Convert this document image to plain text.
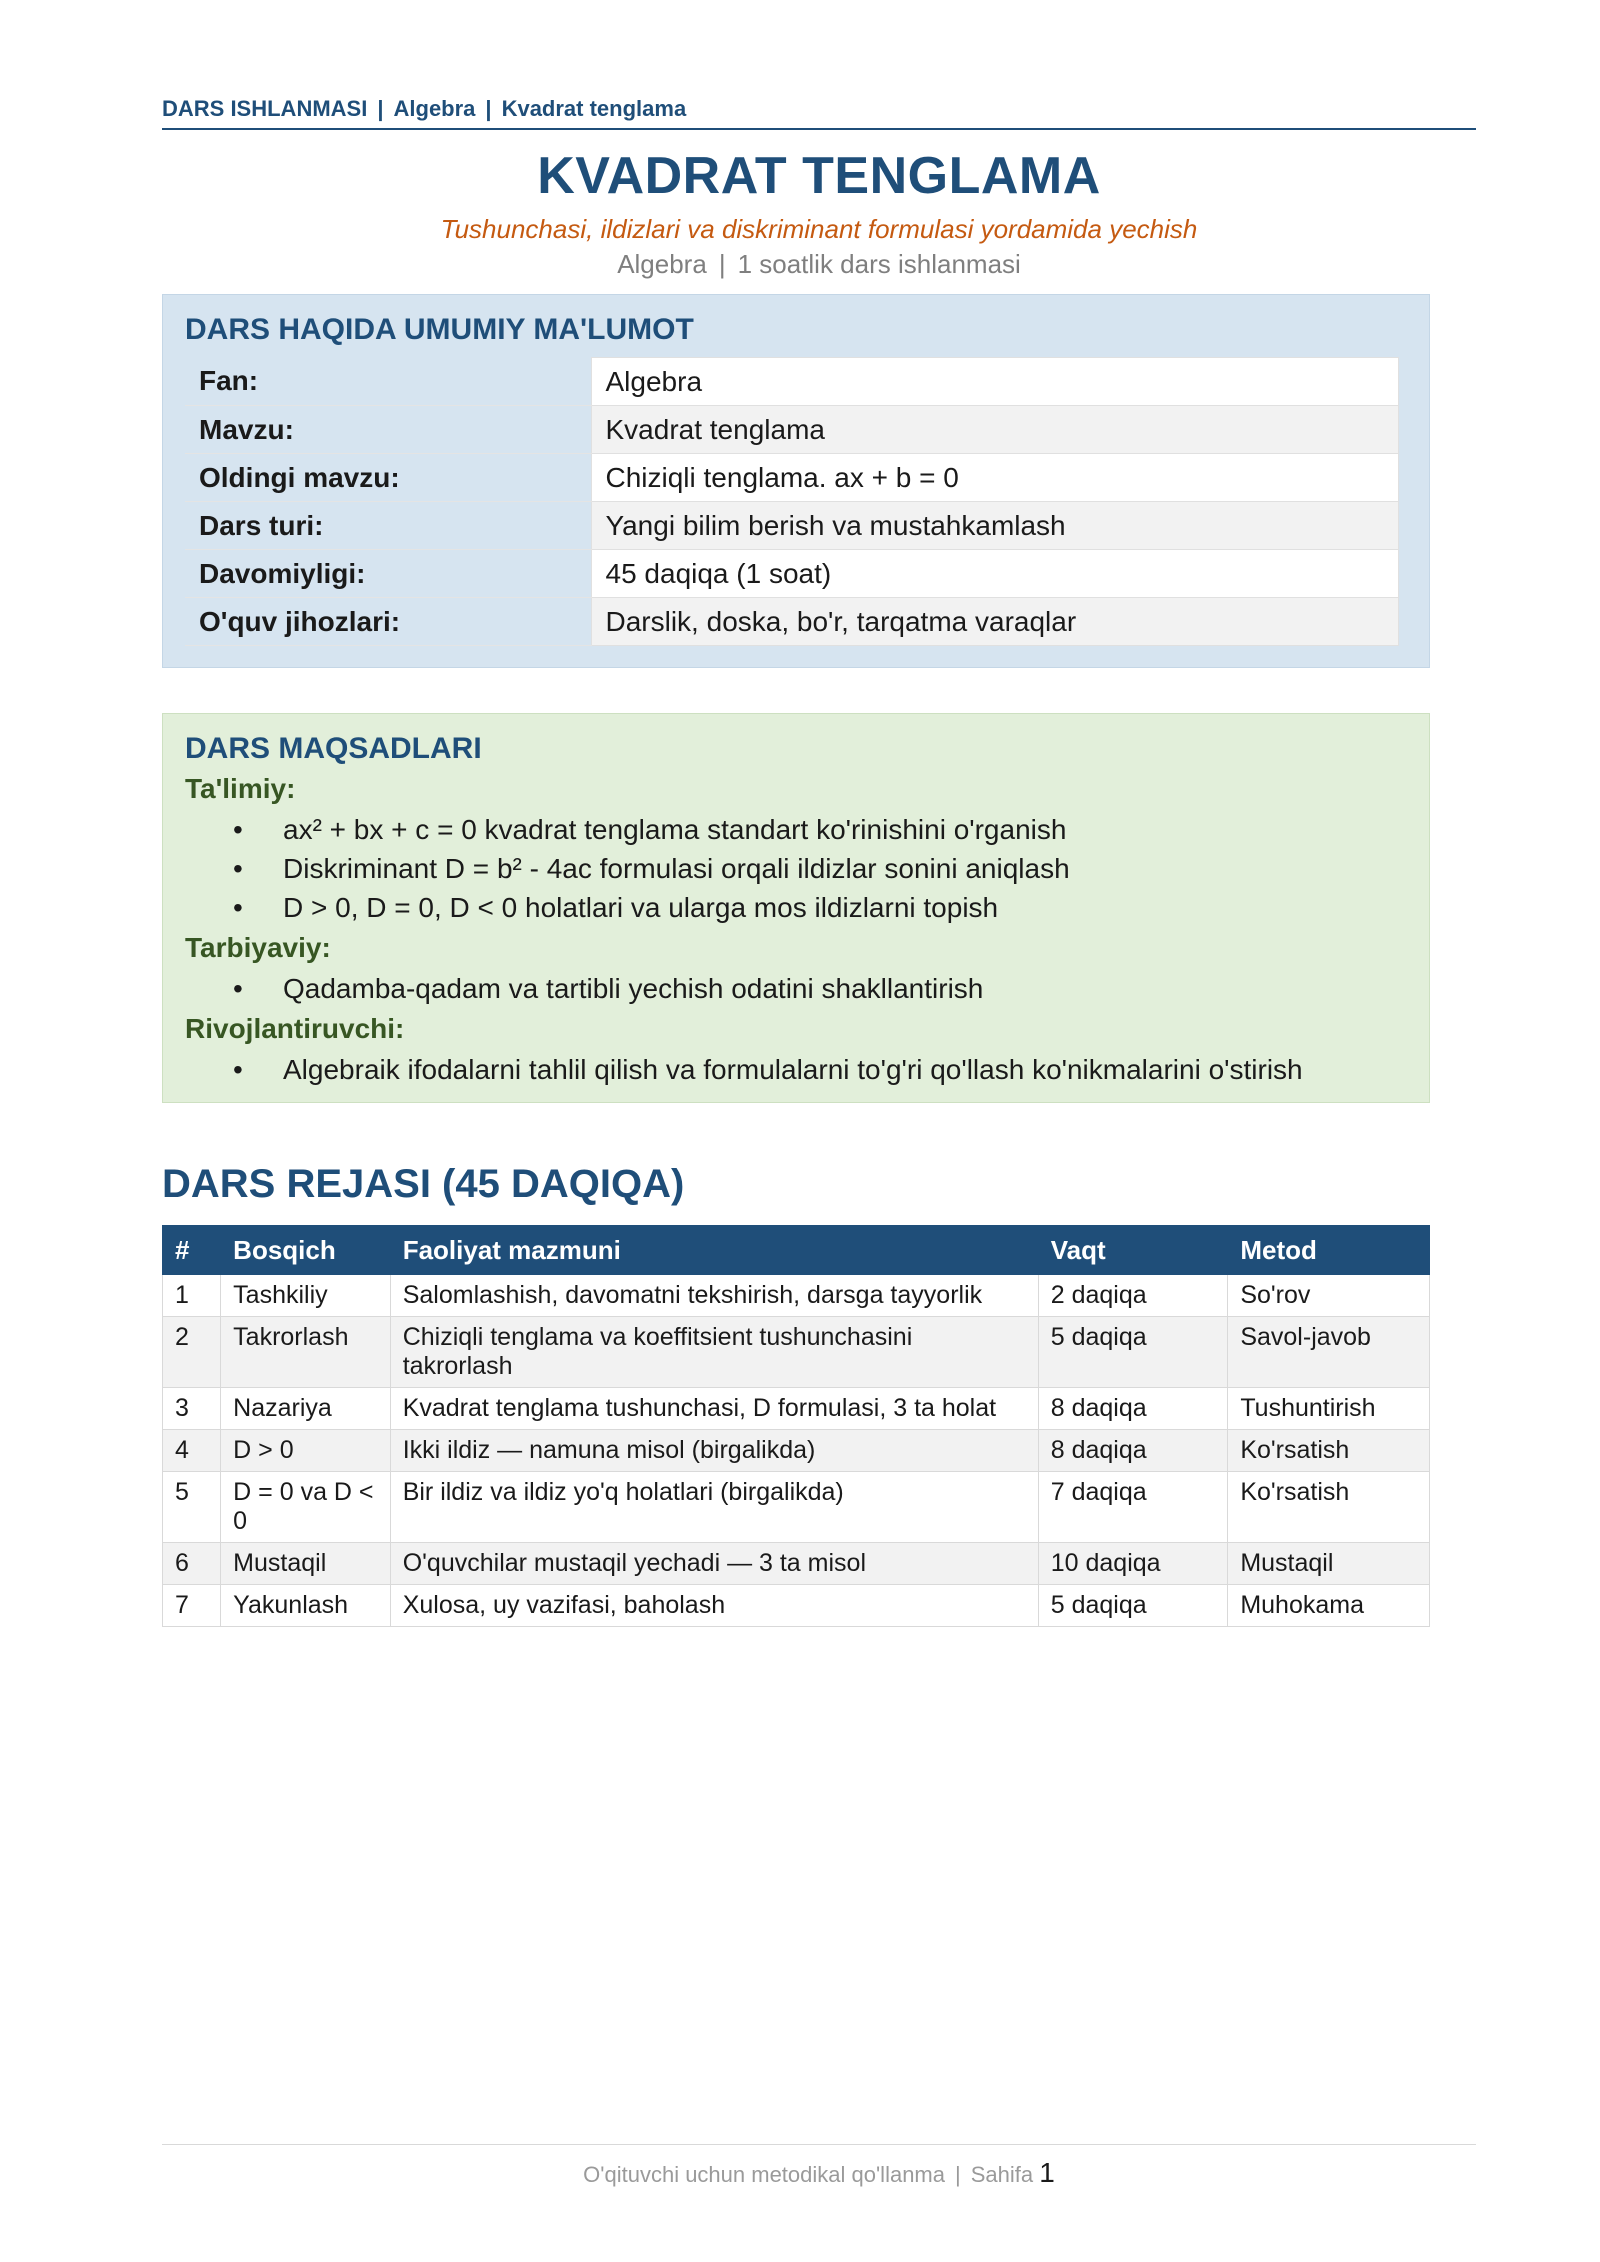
DARS ISHLANMASI | Algebra | Kvadrat tenglama
KVADRAT TENGLAMA
Tushunchasi, ildizlari va diskriminant formulasi yordamida yechish
Algebra | 1 soatlik dars ishlanmasi
DARS HAQIDA UMUMIY MA'LUMOT
Fan:	Algebra
Mavzu:	Kvadrat tenglama
Oldingi mavzu:	Chiziqli tenglama. ax + b = 0
Dars turi:	Yangi bilim berish va mustahkamlash
Davomiyligi:	45 daqiqa (1 soat)
O'quv jihozlari:	Darslik, doska, bo'r, tarqatma varaqlar
DARS MAQSADLARI
Ta'limiy:
• ax² + bx + c = 0 kvadrat tenglama standart ko'rinishini o'rganish
• Diskriminant D = b² - 4ac formulasi orqali ildizlar sonini aniqlash
• D > 0, D = 0, D < 0 holatlari va ularga mos ildizlarni topish
Tarbiyaviy:
• Qadamba-qadam va tartibli yechish odatini shakllantirish
Rivojlantiruvchi:
• Algebraik ifodalarni tahlil qilish va formulalarni to'g'ri qo'llash ko'nikmalarini o'stirish
DARS REJASI (45 DAQIQA)
#	Bosqich	Faoliyat mazmuni	Vaqt	Metod
1	Tashkiliy	Salomlashish, davomatni tekshirish, darsga tayyorlik	2 daqiqa	So'rov
2	Takrorlash	Chiziqli tenglama va koeffitsient tushunchasini takrorlash	5 daqiqa	Savol-javob
3	Nazariya	Kvadrat tenglama tushunchasi, D formulasi, 3 ta holat	8 daqiqa	Tushuntirish
4	D > 0	Ikki ildiz — namuna misol (birgalikda)	8 daqiqa	Ko'rsatish
5	D = 0 va D < 0	Bir ildiz va ildiz yo'q holatlari (birgalikda)	7 daqiqa	Ko'rsatish
6	Mustaqil	O'quvchilar mustaqil yechadi — 3 ta misol	10 daqiqa	Mustaqil
7	Yakunlash	Xulosa, uy vazifasi, baholash	5 daqiqa	Muhokama
O'qituvchi uchun metodikal qo'llanma | Sahifa 1
